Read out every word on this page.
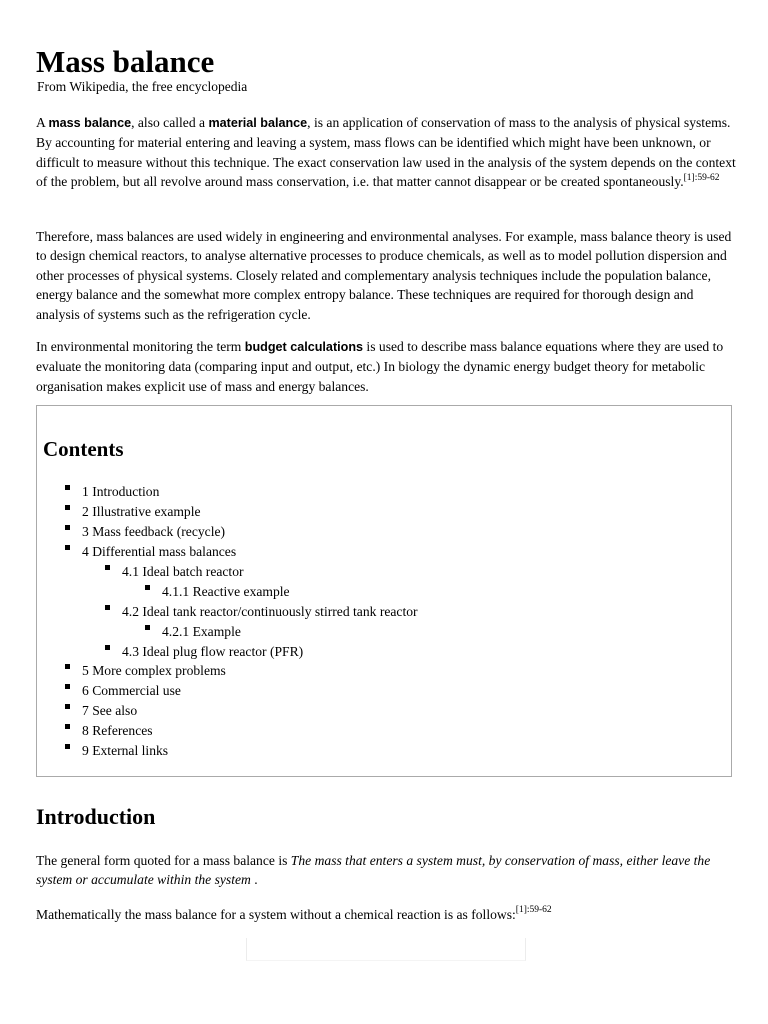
Mass balance
From Wikipedia, the free encyclopedia

A mass balance, also called a material balance, is an application of conservation of mass to the analysis of physical systems. By accounting for material entering and leaving a system, mass flows can be identified which might have been unknown, or difficult to measure without this technique. The exact conservation law used in the analysis of the system depends on the context of the problem, but all revolve around mass conservation, i.e. that matter cannot disappear or be created spontaneously.$^{[1]:59-62}$

Therefore, mass balances are used widely in engineering and environmental analyses. For example, mass balance theory is used to design chemical reactors, to analyse alternative processes to produce chemicals, as well as to model pollution dispersion and other processes of physical systems. Closely related and complementary analysis techniques include the population balance, energy balance and the somewhat more complex entropy balance. These techniques are required for thorough design and analysis of systems such as the refrigeration cycle.

In environmental monitoring the term budget calculations is used to describe mass balance equations where they are used to evaluate the monitoring data (comparing input and output, etc.) In biology the dynamic energy budget theory for metabolic organisation makes explicit use of mass and energy balances.

Contents
1 Introduction
2 Illustrative example
3 Mass feedback (recycle)
4 Differential mass balances
4.1 Ideal batch reactor
4.1.1 Reactive example
4.2 Ideal tank reactor/continuously stirred tank reactor
4.2.1 Example
4.3 Ideal plug flow reactor (PFR)
5 More complex problems
6 Commercial use
7 See also
8 References
9 External links
Introduction

The general form quoted for a mass balance is The mass that enters a system must, by conservation of mass, either leave the system or accumulate within the system .

Mathematically the mass balance for a system without a chemical reaction is as follows:$^{[1]:59-62}$
